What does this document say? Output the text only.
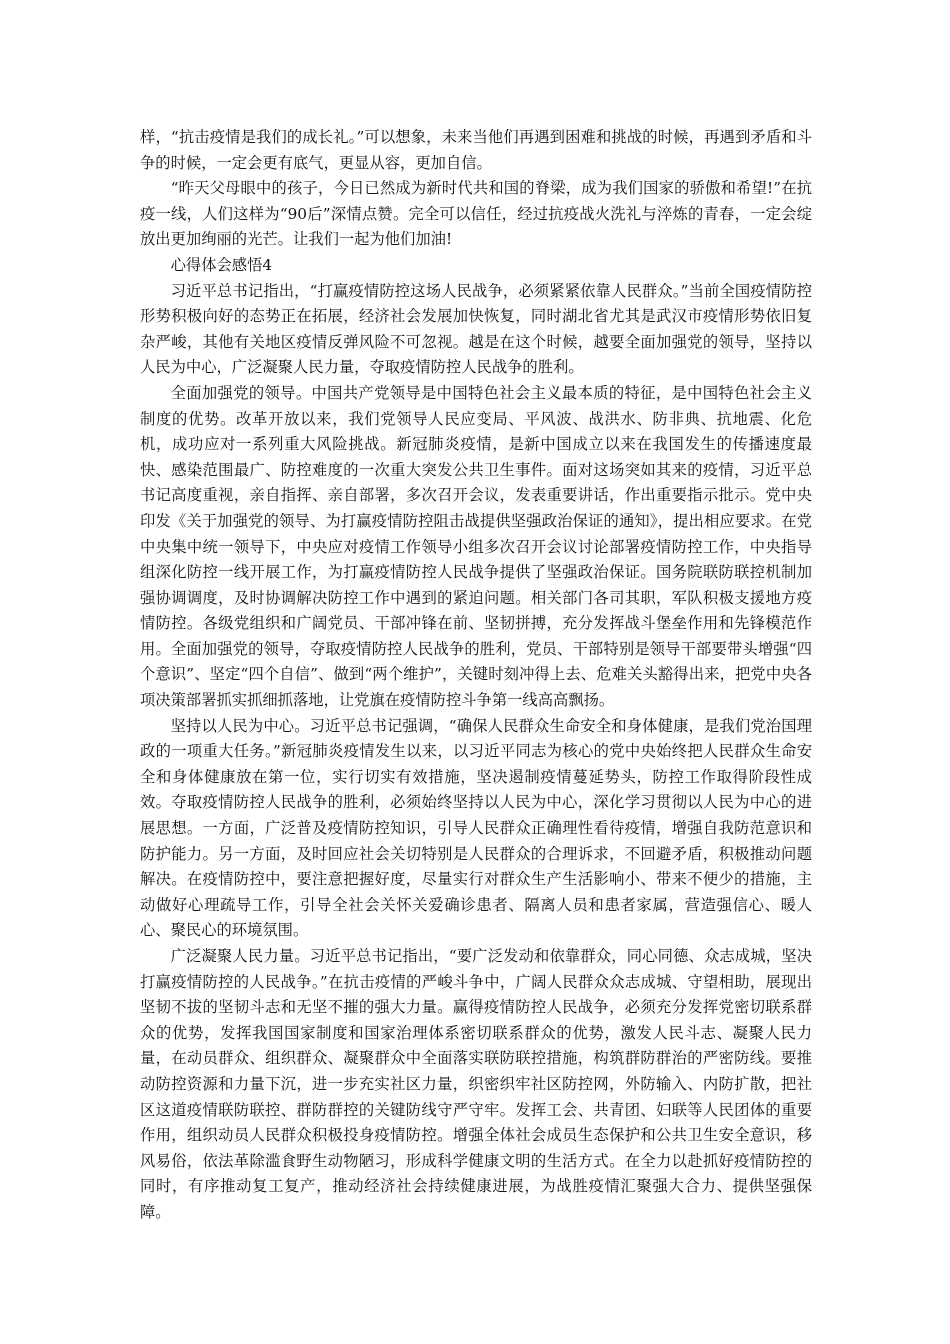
样，“抗击疫情是我们的成长礼。”可以想象，未来当他们再遇到困难和挑战的时候，再遇到矛盾和斗争的时候，一定会更有底气，更显从容，更加自信。

“昨天父母眼中的孩子，今日已然成为新时代共和国的脊梁，成为我们国家的骄傲和希望!”在抗疫一线，人们这样为“90后”深情点赞。完全可以信任，经过抗疫战火洗礼与淬炼的青春，一定会绽放出更加绚丽的光芒。让我们一起为他们加油!

心得体会感悟4

习近平总书记指出，“打赢疫情防控这场人民战争，必须紧紧依靠人民群众。”当前全国疫情防控形势积极向好的态势正在拓展，经济社会发展加快恢复，同时湖北省尤其是武汉市疫情形势依旧复杂严峻，其他有关地区疫情反弹风险不可忽视。越是在这个时候，越要全面加强党的领导，坚持以人民为中心，广泛凝聚人民力量，夺取疫情防控人民战争的胜利。

全面加强党的领导。中国共产党领导是中国特色社会主义最本质的特征，是中国特色社会主义制度的优势。改革开放以来，我们党领导人民应变局、平风波、战洪水、防非典、抗地震、化危机，成功应对一系列重大风险挑战。新冠肺炎疫情，是新中国成立以来在我国发生的传播速度最快、感染范围最广、防控难度的一次重大突发公共卫生事件。面对这场突如其来的疫情，习近平总书记高度重视，亲自指挥、亲自部署，多次召开会议，发表重要讲话，作出重要指示批示。党中央印发《关于加强党的领导、为打赢疫情防控阻击战提供坚强政治保证的通知》，提出相应要求。在党中央集中统一领导下，中央应对疫情工作领导小组多次召开会议讨论部署疫情防控工作，中央指导组深化防控一线开展工作，为打赢疫情防控人民战争提供了坚强政治保证。国务院联防联控机制加强协调调度，及时协调解决防控工作中遇到的紧迫问题。相关部门各司其职，军队积极支援地方疫情防控。各级党组织和广阔党员、干部冲锋在前、坚韧拼搏，充分发挥战斗堡垒作用和先锋模范作用。全面加强党的领导，夺取疫情防控人民战争的胜利，党员、干部特别是领导干部要带头增强“四个意识”、坚定“四个自信”、做到“两个维护”，关键时刻冲得上去、危难关头豁得出来，把党中央各项决策部署抓实抓细抓落地，让党旗在疫情防控斗争第一线高高飘扬。

坚持以人民为中心。习近平总书记强调，“确保人民群众生命安全和身体健康，是我们党治国理政的一项重大任务。”新冠肺炎疫情发生以来，以习近平同志为核心的党中央始终把人民群众生命安全和身体健康放在第一位，实行切实有效措施，坚决遏制疫情蔓延势头，防控工作取得阶段性成效。夺取疫情防控人民战争的胜利，必须始终坚持以人民为中心，深化学习贯彻以人民为中心的进展思想。一方面，广泛普及疫情防控知识，引导人民群众正确理性看待疫情，增强自我防范意识和防护能力。另一方面，及时回应社会关切特别是人民群众的合理诉求，不回避矛盾，积极推动问题解决。在疫情防控中，要注意把握好度，尽量实行对群众生产生活影响小、带来不便少的措施，主动做好心理疏导工作，引导全社会关怀关爱确诊患者、隔离人员和患者家属，营造强信心、暖人心、聚民心的环境氛围。

广泛凝聚人民力量。习近平总书记指出，“要广泛发动和依靠群众，同心同德、众志成城，坚决打赢疫情防控的人民战争。”在抗击疫情的严峻斗争中，广阔人民群众众志成城、守望相助，展现出坚韧不拔的坚韧斗志和无坚不摧的强大力量。赢得疫情防控人民战争，必须充分发挥党密切联系群众的优势，发挥我国国家制度和国家治理体系密切联系群众的优势，激发人民斗志、凝聚人民力量，在动员群众、组织群众、凝聚群众中全面落实联防联控措施，构筑群防群治的严密防线。要推动防控资源和力量下沉，进一步充实社区力量，织密织牢社区防控网，外防输入、内防扩散，把社区这道疫情联防联控、群防群控的关键防线守严守牢。发挥工会、共青团、妇联等人民团体的重要作用，组织动员人民群众积极投身疫情防控。增强全体社会成员生态保护和公共卫生安全意识，移风易俗，依法革除滥食野生动物陋习，形成科学健康文明的生活方式。在全力以赴抓好疫情防控的同时，有序推动复工复产，推动经济社会持续健康进展，为战胜疫情汇聚强大合力、提供坚强保障。
